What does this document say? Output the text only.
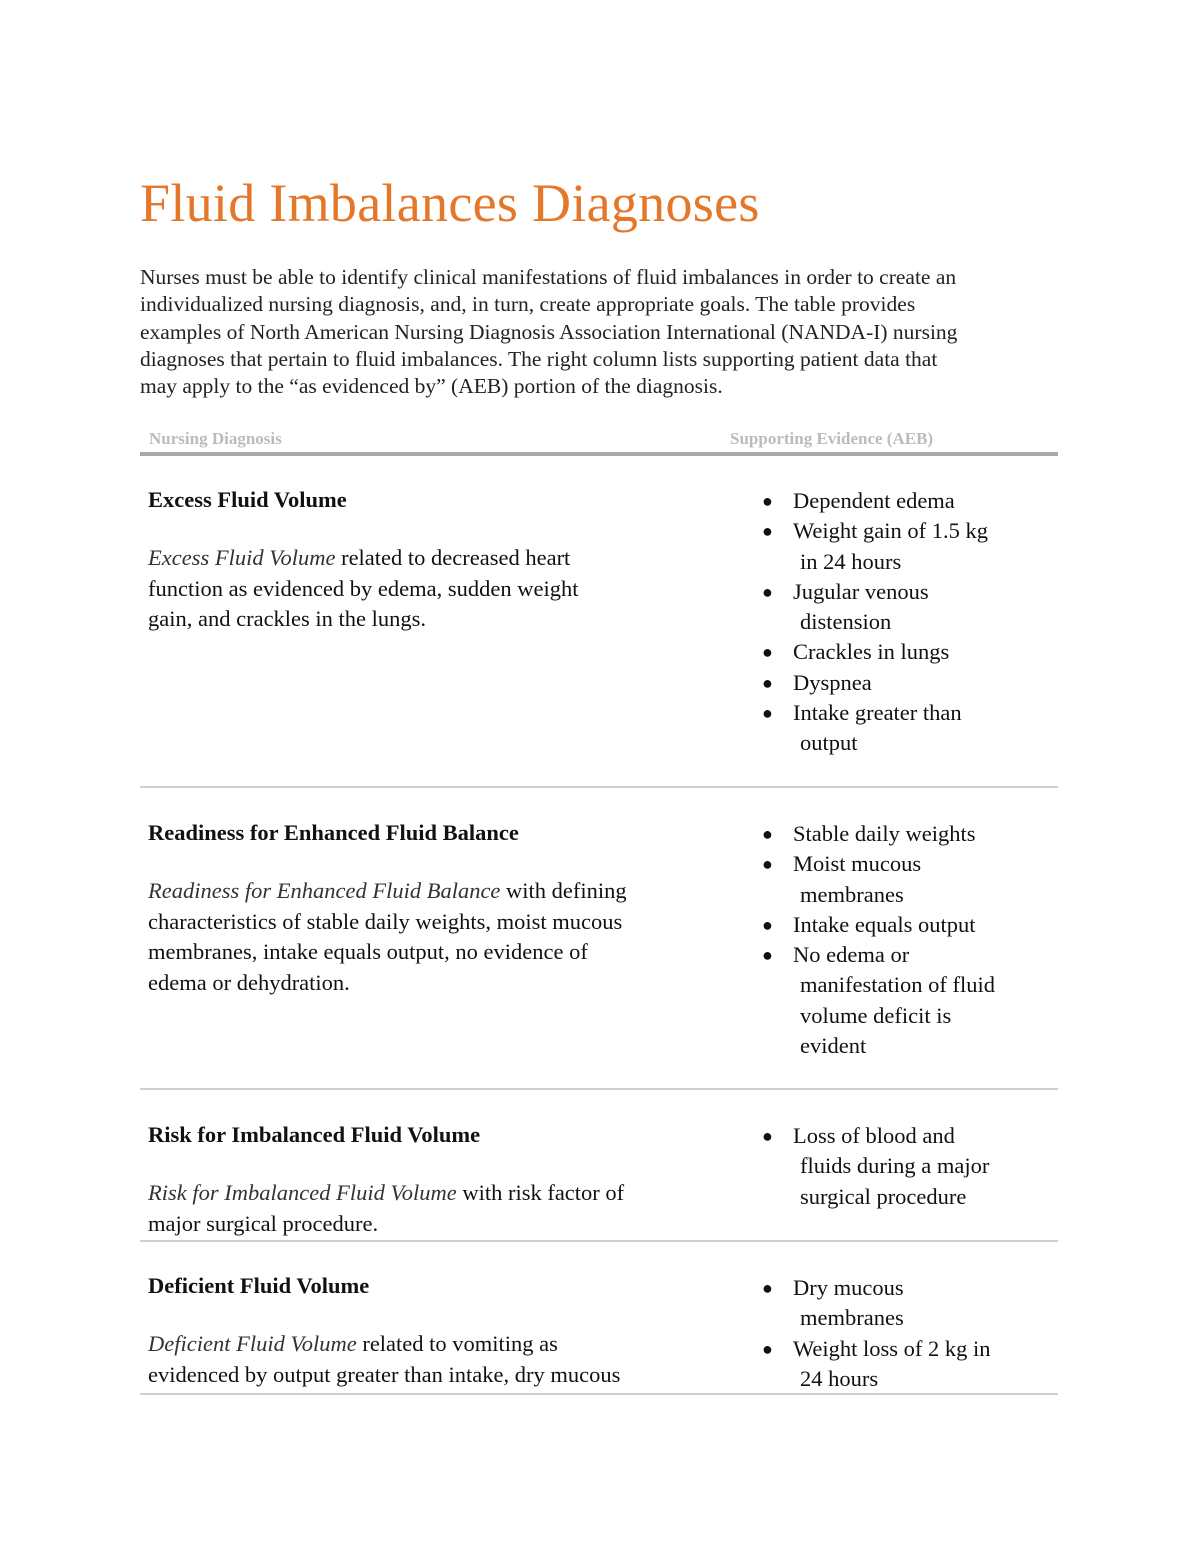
Fluid Imbalances Diagnoses

Nurses must be able to identify clinical manifestations of fluid imbalances in order to create an
individualized nursing diagnosis, and, in turn, create appropriate goals. The table provides
examples of North American Nursing Diagnosis Association International (NANDA-I) nursing
diagnoses that pertain to fluid imbalances. The right column lists supporting patient data that
may apply to the “as evidenced by” (AEB) portion of the diagnosis.

Nursing Diagnosis	Supporting Evidence (AEB)

Excess Fluid Volume

Excess Fluid Volume related to decreased heart
function as evidenced by edema, sudden weight
gain, and crackles in the lungs.

● Dependent edema
● Weight gain of 1.5 kg
in 24 hours
● Jugular venous
distension
● Crackles in lungs
● Dyspnea
● Intake greater than
output

Readiness for Enhanced Fluid Balance

Readiness for Enhanced Fluid Balance with defining
characteristics of stable daily weights, moist mucous
membranes, intake equals output, no evidence of
edema or dehydration.

● Stable daily weights
● Moist mucous
membranes
● Intake equals output
● No edema or
manifestation of fluid
volume deficit is
evident

Risk for Imbalanced Fluid Volume

Risk for Imbalanced Fluid Volume with risk factor of
major surgical procedure.

● Loss of blood and
fluids during a major
surgical procedure

Deficient Fluid Volume

Deficient Fluid Volume related to vomiting as
evidenced by output greater than intake, dry mucous

● Dry mucous
membranes
● Weight loss of 2 kg in
24 hours
